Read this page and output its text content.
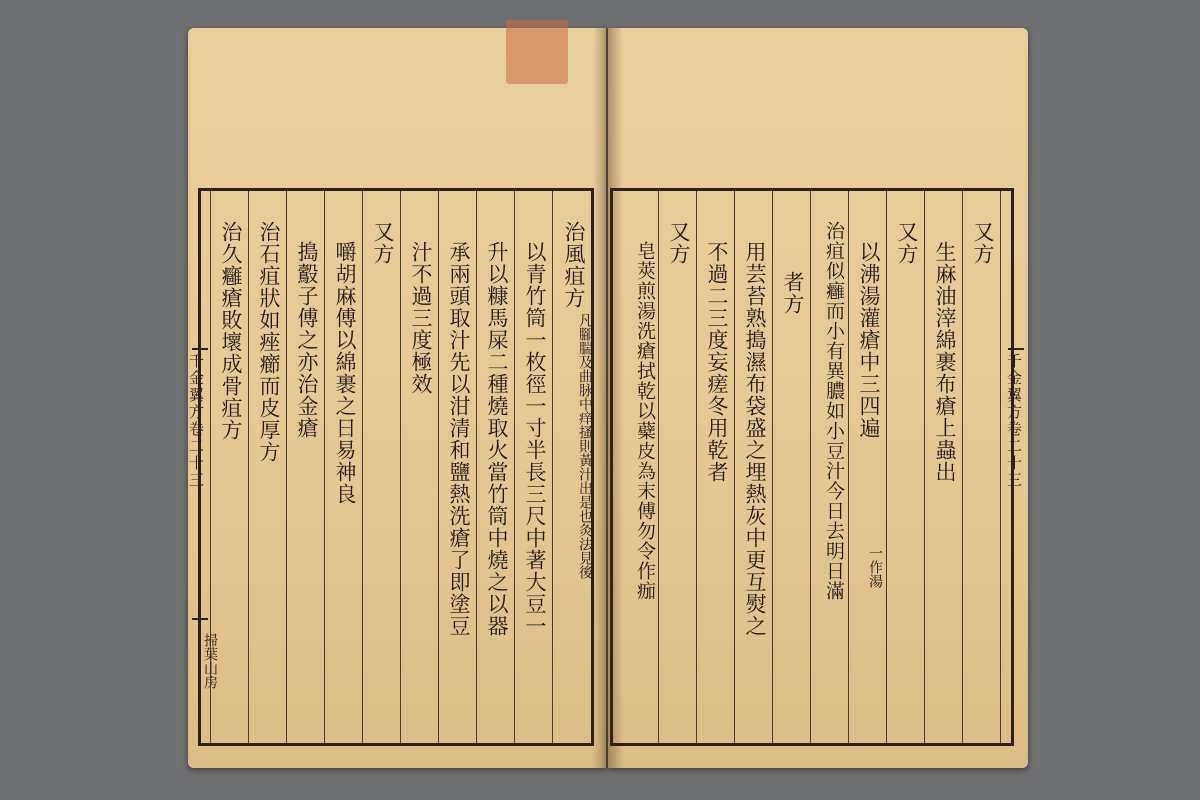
治風疽方
凡腳腨及曲脉中痒搔則黃汁出是也灸法見後
以青竹筒一枚徑一寸半長三尺中著大豆一
升以糠馬屎二種燒取火當竹筒中燒之以器
承兩頭取汁先以泔清和鹽熱洗瘡了即塗豆
汁不過三度極效
又方
嚼胡麻傅以綿裹之日易神良
搗鷇子傅之亦治金瘡
治石疽狀如痤癤而皮厚方
治久癰瘡敗壞成骨疽方
千金翼方卷二十三
掃葉山房
又方
生麻油滓綿裹布瘡上蟲出
又方
以沸湯灌瘡中三四遍
一作湯
治疽似癰而小有異膿如小豆汁今日去明日滿
者方
用芸苔熟搗濕布袋盛之埋熱灰中更互熨之
不過二三度妄瘥冬用乾者
又方
皂莢煎湯洗瘡拭乾以蘗皮為末傅勿令作痂	千金翼方卷二十三
